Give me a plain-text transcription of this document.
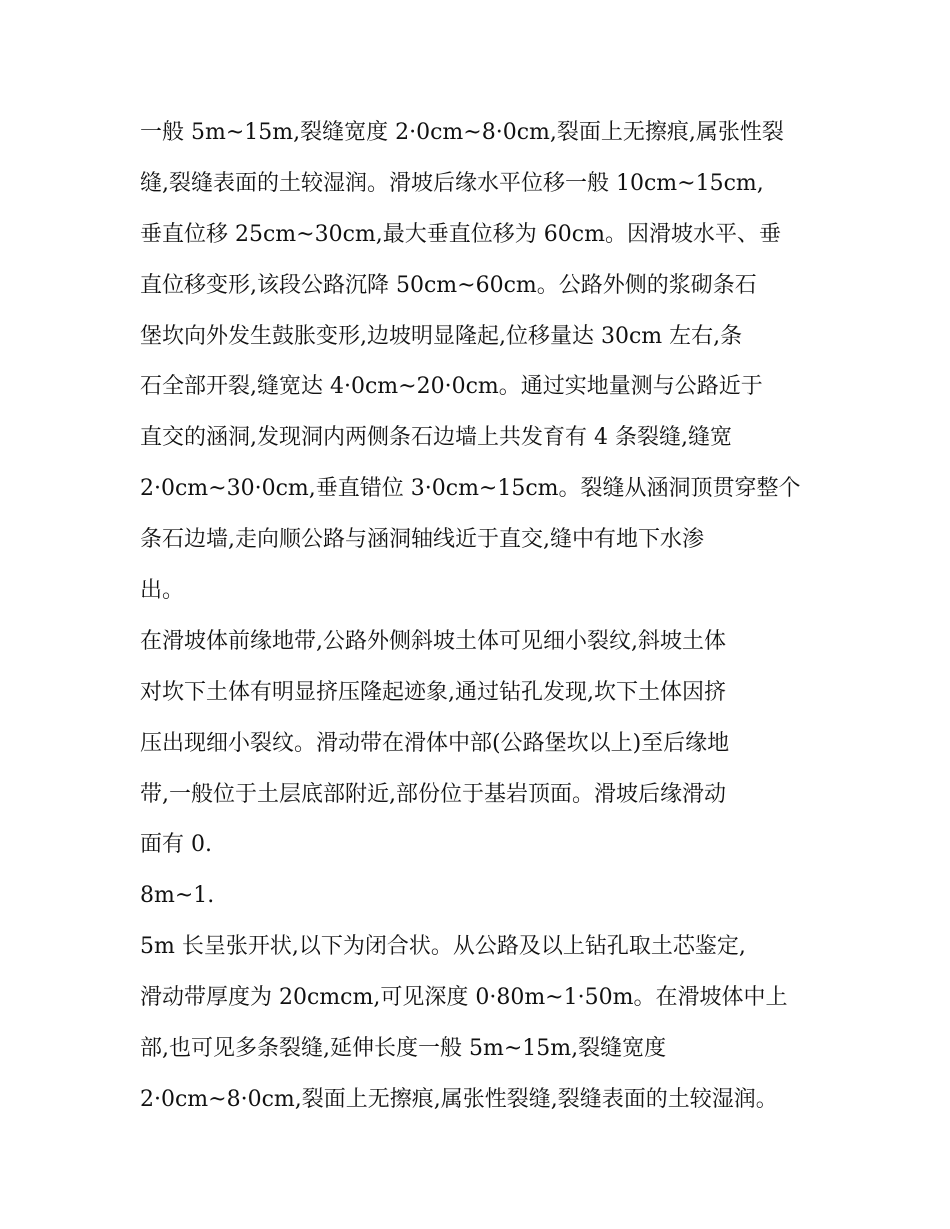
一般 5m~15m,裂缝宽度 2·0cm~8·0cm,裂面上无擦痕,属张性裂
缝,裂缝表面的土较湿润。滑坡后缘水平位移一般 10cm~15cm,
垂直位移 25cm~30cm,最大垂直位移为 60cm。因滑坡水平、垂
直位移变形,该段公路沉降 50cm~60cm。公路外侧的浆砌条石
堡坎向外发生鼓胀变形,边坡明显隆起,位移量达 30cm 左右,条
石全部开裂,缝宽达 4·0cm~20·0cm。通过实地量测与公路近于
直交的涵洞,发现洞内两侧条石边墙上共发育有 4 条裂缝,缝宽
2·0cm~30·0cm,垂直错位 3·0cm~15cm。裂缝从涵洞顶贯穿整个
条石边墙,走向顺公路与涵洞轴线近于直交,缝中有地下水渗
出。
在滑坡体前缘地带,公路外侧斜坡土体可见细小裂纹,斜坡土体
对坎下土体有明显挤压隆起迹象,通过钻孔发现,坎下土体因挤
压出现细小裂纹。滑动带在滑体中部(公路堡坎以上)至后缘地
带,一般位于土层底部附近,部份位于基岩顶面。滑坡后缘滑动
面有 0.
8m~1.
5m 长呈张开状,以下为闭合状。从公路及以上钻孔取土芯鉴定,
滑动带厚度为 20cmcm,可见深度 0·80m~1·50m。在滑坡体中上
部,也可见多条裂缝,延伸长度一般 5m~15m,裂缝宽度
2·0cm~8·0cm,裂面上无擦痕,属张性裂缝,裂缝表面的土较湿润。
